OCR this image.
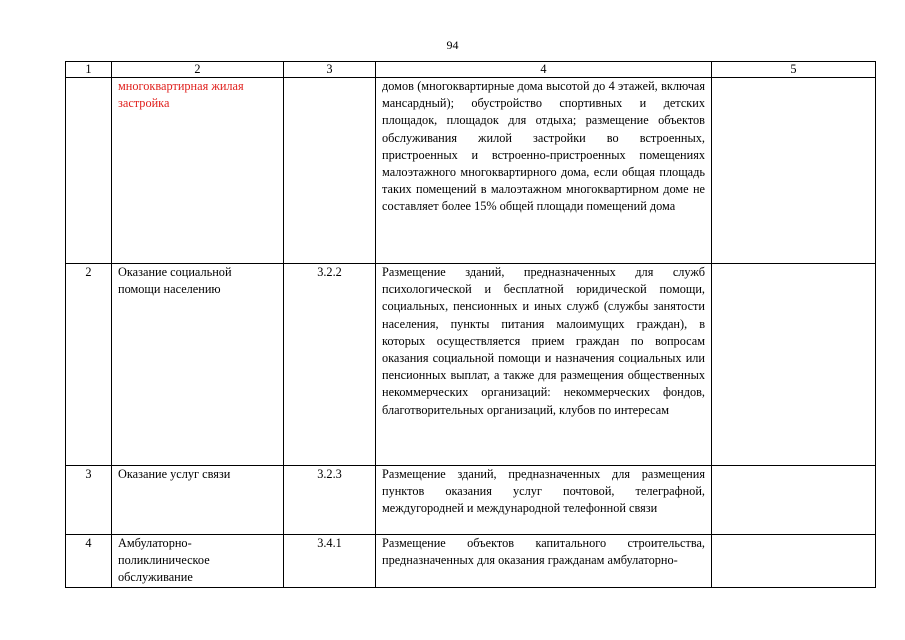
94
1	2	3	4	5
	многоквартирная жилая застройка		домов (многоквартирные дома высотой до 4 этажей, включая мансардный); обустройство спортивных и детских площадок, площадок для отдыха; размещение объектов обслуживания жилой застройки во встроенных, пристроенных и встроенно-пристроенных помещениях малоэтажного многоквартирного дома, если общая площадь таких помещений в малоэтажном многоквартирном доме не составляет более 15% общей площади помещений дома	
2	Оказание социальной помощи населению	3.2.2	Размещение зданий, предназначенных для служб психологической и бесплатной юридической помощи, социальных, пенсионных и иных служб (службы занятости населения, пункты питания малоимущих граждан), в которых осуществляется прием граждан по вопросам оказания социальной помощи и назначения социальных или пенсионных выплат, а также для размещения общественных некоммерческих организаций: некоммерческих фондов, благотворительных организаций, клубов по интересам	
3	Оказание услуг связи	3.2.3	Размещение зданий, предназначенных для размещения пунктов оказания услуг почтовой, телеграфной, междугородней и международной телефонной связи	
4	Амбулаторно-поликлиническое обслуживание	3.4.1	Размещение объектов капитального строительства, предназначенных для оказания гражданам амбулаторно-	
